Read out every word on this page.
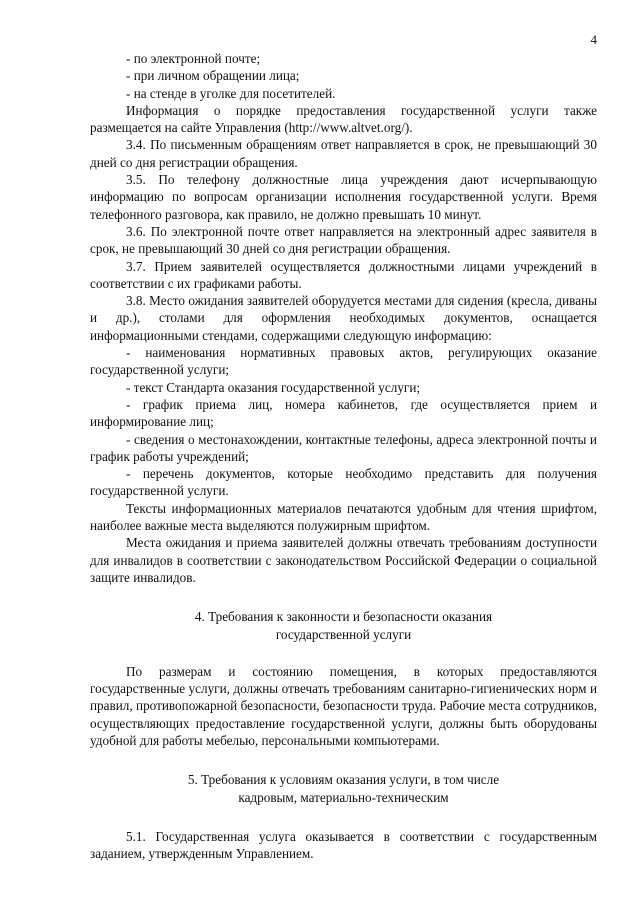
4

- по электронной почте;

- при личном обращении лица;

- на стенде в уголке для посетителей.

Информация о порядке предоставления государственной услуги также размещается на сайте Управления (http://www.altvet.org/).

3.4. По письменным обращениям ответ направляется в срок, не превышающий 30 дней со дня регистрации обращения.

3.5. По телефону должностные лица учреждения дают исчерпывающую информацию по вопросам организации исполнения государственной услуги. Время телефонного разговора, как правило, не должно превышать 10 минут.

3.6. По электронной почте ответ направляется на электронный адрес заявителя в срок, не превышающий 30 дней со дня регистрации обращения.

3.7. Прием заявителей осуществляется должностными лицами учреждений в соответствии с их графиками работы.

3.8. Место ожидания заявителей оборудуется местами для сидения (кресла, диваны и др.), столами для оформления необходимых документов, оснащается информационными стендами, содержащими следующую информацию:

- наименования нормативных правовых актов, регулирующих оказание государственной услуги;

- текст Стандарта оказания государственной услуги;

- график приема лиц, номера кабинетов, где осуществляется прием и информирование лиц;

- сведения о местонахождении, контактные телефоны, адреса электронной почты и график работы учреждений;

- перечень документов, которые необходимо представить для получения государственной услуги.

Тексты информационных материалов печатаются удобным для чтения шрифтом, наиболее важные места выделяются полужирным шрифтом.

Места ожидания и приема заявителей должны отвечать требованиям доступности для инвалидов в соответствии с законодательством Российской Федерации о социальной защите инвалидов.

4. Требования к законности и безопасности оказания

государственной услуги

По размерам и состоянию помещения, в которых предоставляются государственные услуги, должны отвечать требованиям санитарно-гигиенических норм и правил, противопожарной безопасности, безопасности труда. Рабочие места сотрудников, осуществляющих предоставление государственной услуги, должны быть оборудованы удобной для работы мебелью, персональными компьютерами.

5. Требования к условиям оказания услуги, в том числе

кадровым, материально-техническим

5.1. Государственная услуга оказывается в соответствии с государственным заданием, утвержденным Управлением.
